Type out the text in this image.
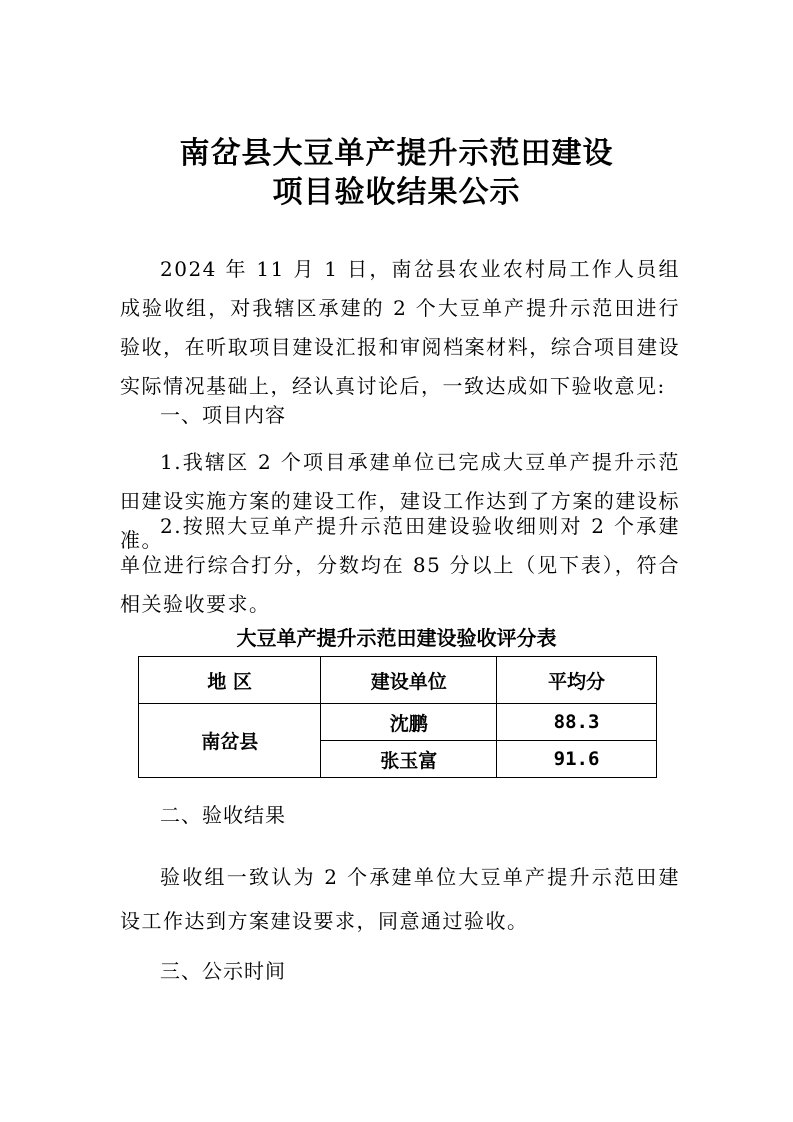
南岔县大豆单产提升示范田建设
项目验收结果公示
2024 年 11 月 1 日，南岔县农业农村局工作人员组成验收组，对我辖区承建的 2 个大豆单产提升示范田进行验收，在听取项目建设汇报和审阅档案材料，综合项目建设实际情况基础上，经认真讨论后，一致达成如下验收意见:
一、项目内容
1.我辖区 2 个项目承建单位已完成大豆单产提升示范田建设实施方案的建设工作，建设工作达到了方案的建设标准。
2.按照大豆单产提升示范田建设验收细则对 2 个承建单位进行综合打分，分数均在 85 分以上（见下表），符合相关验收要求。
大豆单产提升示范田建设验收评分表
地 区	建设单位	平均分
南岔县	沈鹏	88.3
	张玉富	91.6
二、验收结果
验收组一致认为 2 个承建单位大豆单产提升示范田建设工作达到方案建设要求，同意通过验收。
三、公示时间
